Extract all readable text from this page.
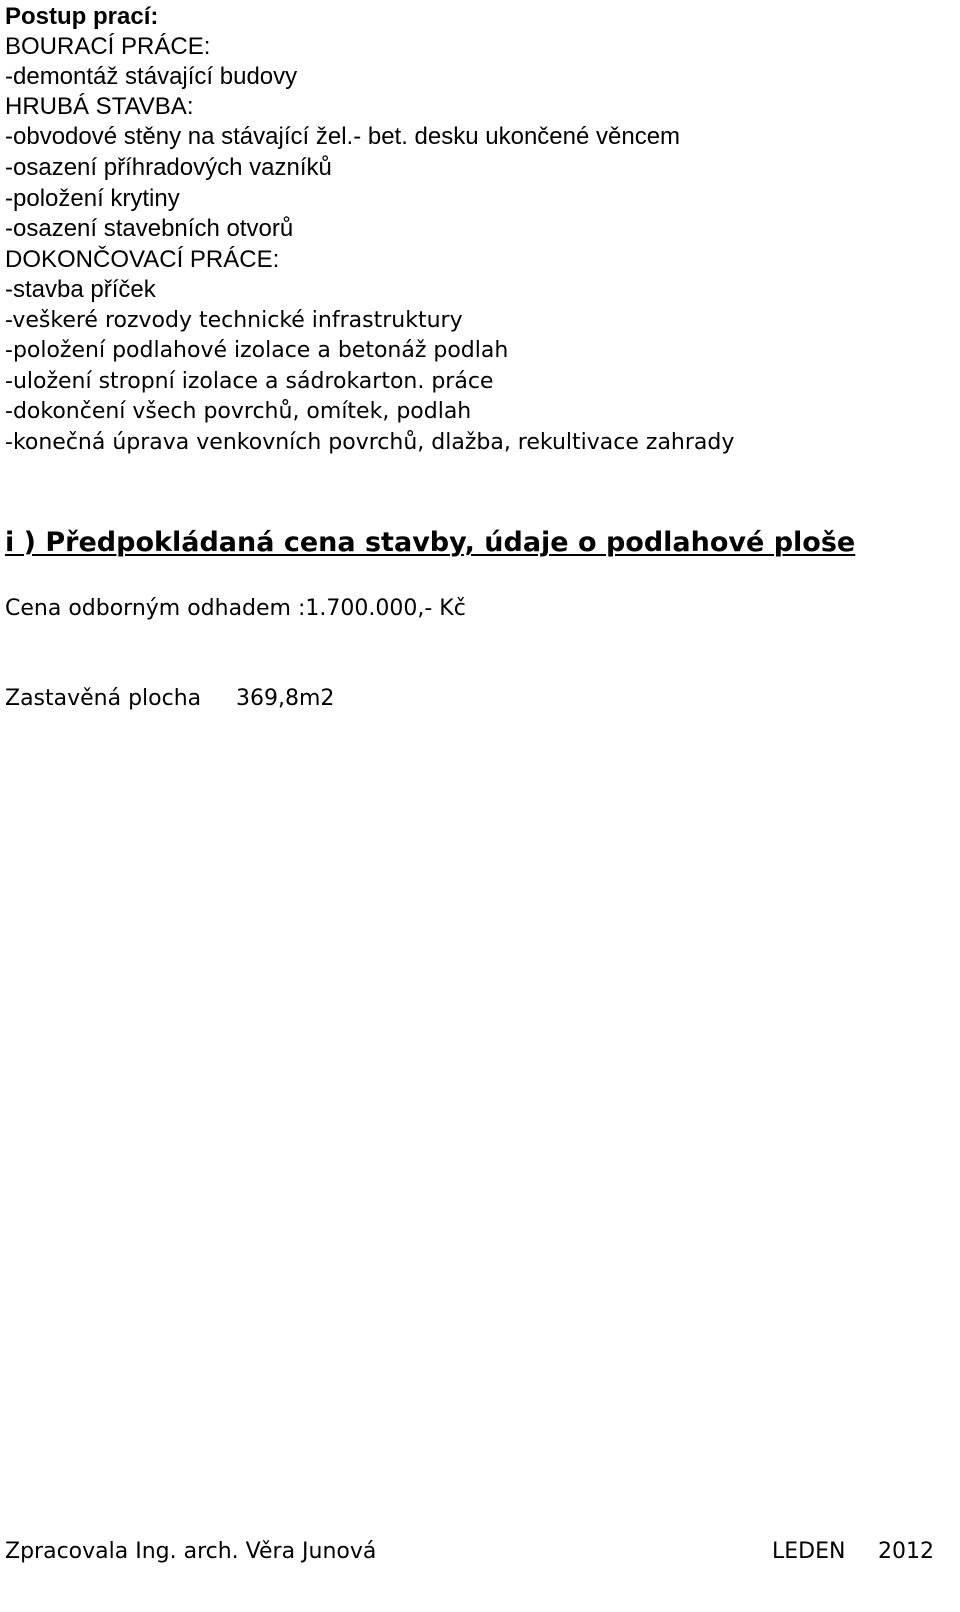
Postup prací:
BOURACÍ PRÁCE:
-demontáž stávající budovy
HRUBÁ STAVBA:
-obvodové stěny na stávající žel.- bet. desku ukončené věncem
-osazení příhradových vazníků
-položení krytiny
-osazení stavebních otvorů
DOKONČOVACÍ PRÁCE:
-stavba příček
-veškeré rozvody technické infrastruktury
-položení podlahové izolace a betonáž podlah
-uložení stropní izolace a sádrokarton. práce
-dokončení všech povrchů, omítek, podlah
-konečná úprava venkovních povrchů, dlažba, rekultivace zahrady
i ) Předpokládaná cena stavby, údaje o podlahové ploše
Cena odborným odhadem :1.700.000,- Kč
Zastavěná plocha 369,8m2
Zpracovala Ing. arch. Věra Junová	LEDEN 2012
